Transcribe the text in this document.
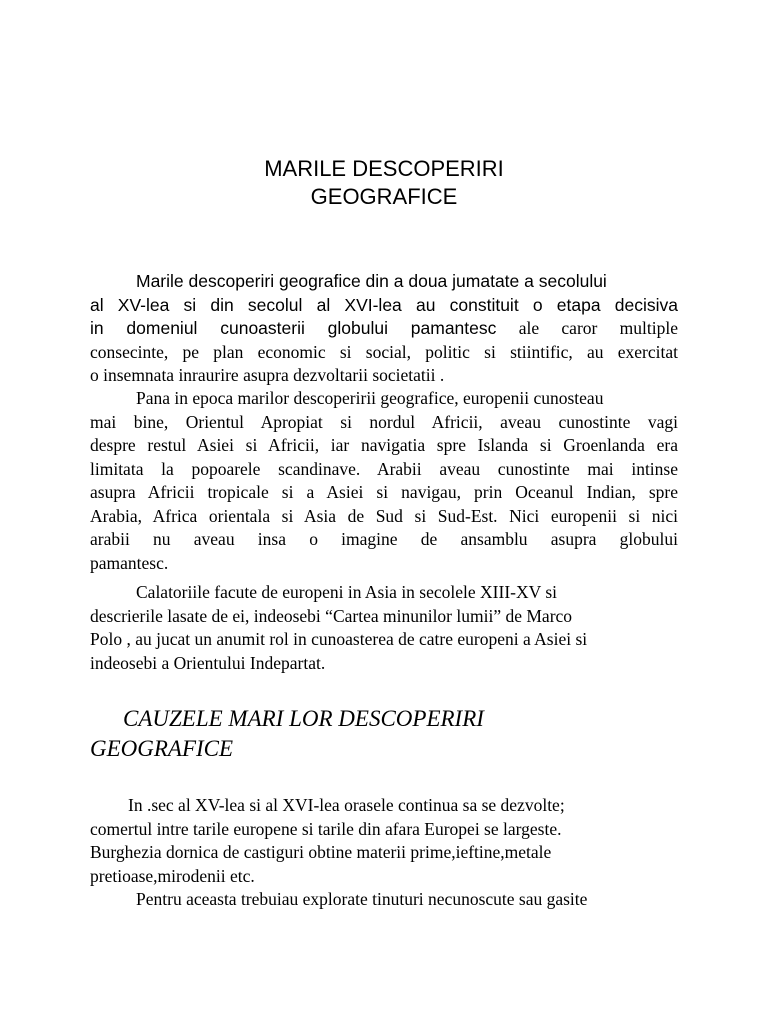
MARILE DESCOPERIRI
GEOGRAFICE
Marile descoperiri geografice din a doua jumatate a secolului
al XV-lea si din secolul al XVI-lea au constituit o etapa decisiva
in domeniul cunoasterii globului pamantesc ale caror multiple
consecinte, pe plan economic si social, politic si stiintific, au exercitat
o insemnata inraurire asupra dezvoltarii societatii .
Pana in epoca marilor descoperirii geografice, europenii cunosteau
mai bine, Orientul Apropiat si nordul Africii, aveau cunostinte vagi
despre restul Asiei si Africii, iar navigatia spre Islanda si Groenlanda era
limitata la popoarele scandinave. Arabii aveau cunostinte mai intinse
asupra Africii tropicale si a Asiei si navigau, prin Oceanul Indian, spre
Arabia, Africa orientala si Asia de Sud si Sud-Est. Nici europenii si nici
arabii nu aveau insa o imagine de ansamblu asupra globului
pamantesc.
Calatoriile facute de europeni in Asia in secolele XIII-XV si
descrierile lasate de ei, indeosebi “Cartea minunilor lumii” de Marco
Polo , au jucat un anumit rol in cunoasterea de catre europeni a Asiei si
indeosebi a Orientului Indepartat.
CAUZELE MARI LOR DESCOPERIRI
GEOGRAFICE
In .sec al XV-lea si al XVI-lea orasele continua sa se dezvolte;
comertul intre tarile europene si tarile din afara Europei se largeste.
Burghezia dornica de castiguri obtine materii prime,ieftine,metale
pretioase,mirodenii etc.
Pentru aceasta trebuiau explorate tinuturi necunoscute sau gasite
